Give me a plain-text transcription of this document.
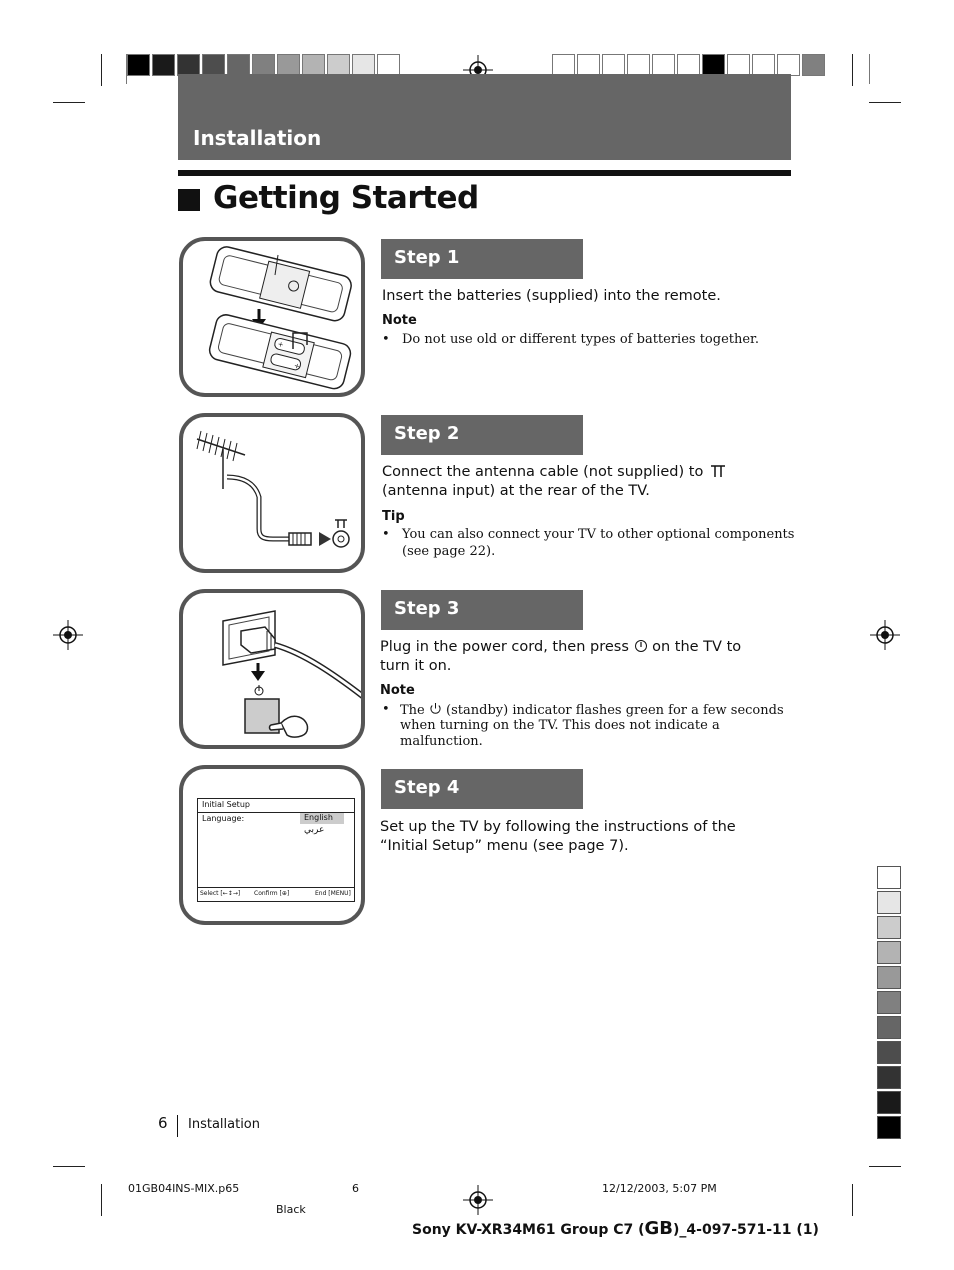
Installation
Getting Started
+
+
Step 1
Insert the batteries (supplied) into the remote.
Note
• Do not use old or different types of batteries together.
Step 2
Connect the antenna cable (not supplied) to
(antenna input) at the rear of the TV.
Tip
• You can also connect your TV to other optional components
(see page 22).
Step 3
Plug in the power cord, then press on the TV to
turn it on.
Note
• The (standby) indicator flashes green for a few seconds
when turning on the TV. This does not indicate a
malfunction.
Initial Setup
Language:	English
عربي
Select [←↕→] Confirm [⊕]	End [MENU]
Step 4
Set up the TV by following the instructions of the
“Initial Setup” menu (see page 7).
6 Installation
01GB04INS-MIX.p65	6	12/12/2003, 5:07 PM
Black
Sony KV-XR34M61 Group C7 (GB)_4-097-571-11 (1)
